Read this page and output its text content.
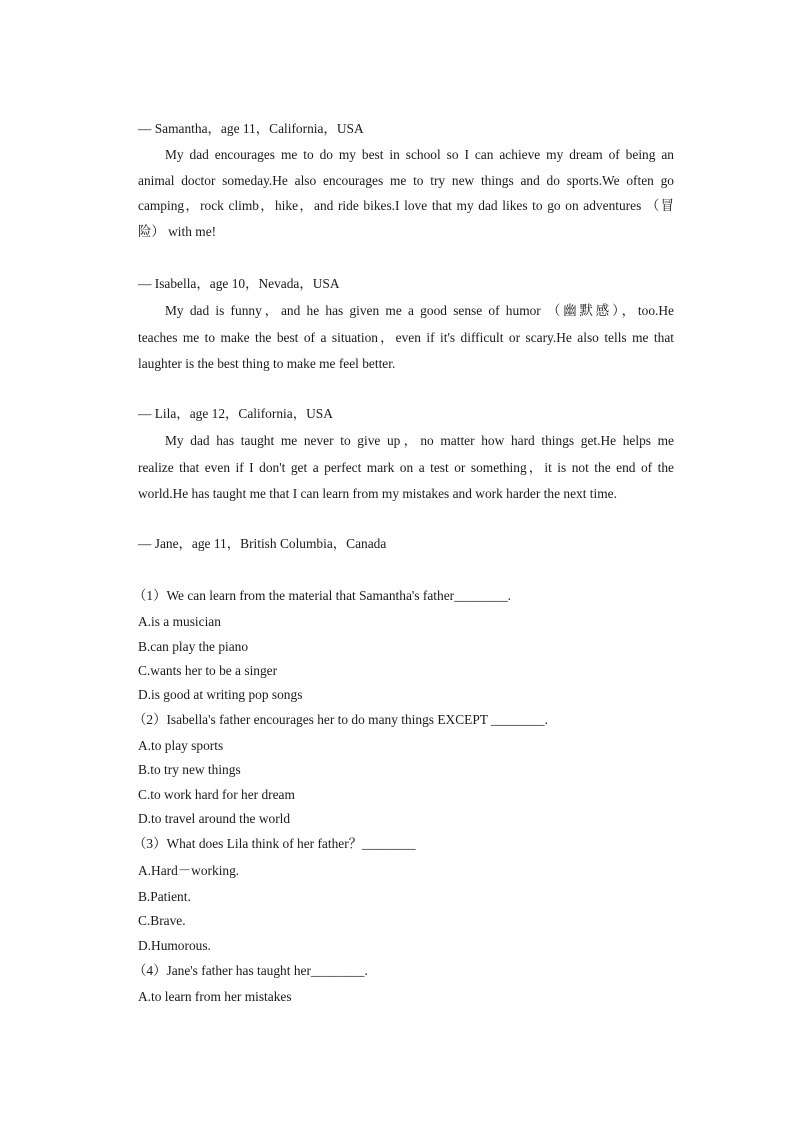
— Samantha，age 11，California，USA
My dad encourages me to do my best in school so I can achieve my dream of being an
animal doctor someday.He also encourages me to try new things and do sports.We often go
camping，rock climb，hike，and ride bikes.I love that my dad likes to go on adventures （冒
险） with me!
— Isabella，age 10，Nevada，USA
My dad is funny，and he has given me a good sense of humor （幽默感），too.He
teaches me to make the best of a situation，even if it's difficult or scary.He also tells me that
laughter is the best thing to make me feel better.
— Lila，age 12，California，USA
My dad has taught me never to give up，no matter how hard things get.He helps me
realize that even if I don't get a perfect mark on a test or something，it is not the end of the
world.He has taught me that I can learn from my mistakes and work harder the next time.
— Jane，age 11，British Columbia，Canada
（1）We can learn from the material that Samantha's father________.
A.is a musician
B.can play the piano
C.wants her to be a singer
D.is good at writing pop songs
（2）Isabella's father encourages her to do many things EXCEPT ________.
A.to play sports
B.to try new things
C.to work hard for her dream
D.to travel around the world
（3）What does Lila think of her father？________
A.Hard－working.
B.Patient.
C.Brave.
D.Humorous.
（4）Jane's father has taught her________.
A.to learn from her mistakes
